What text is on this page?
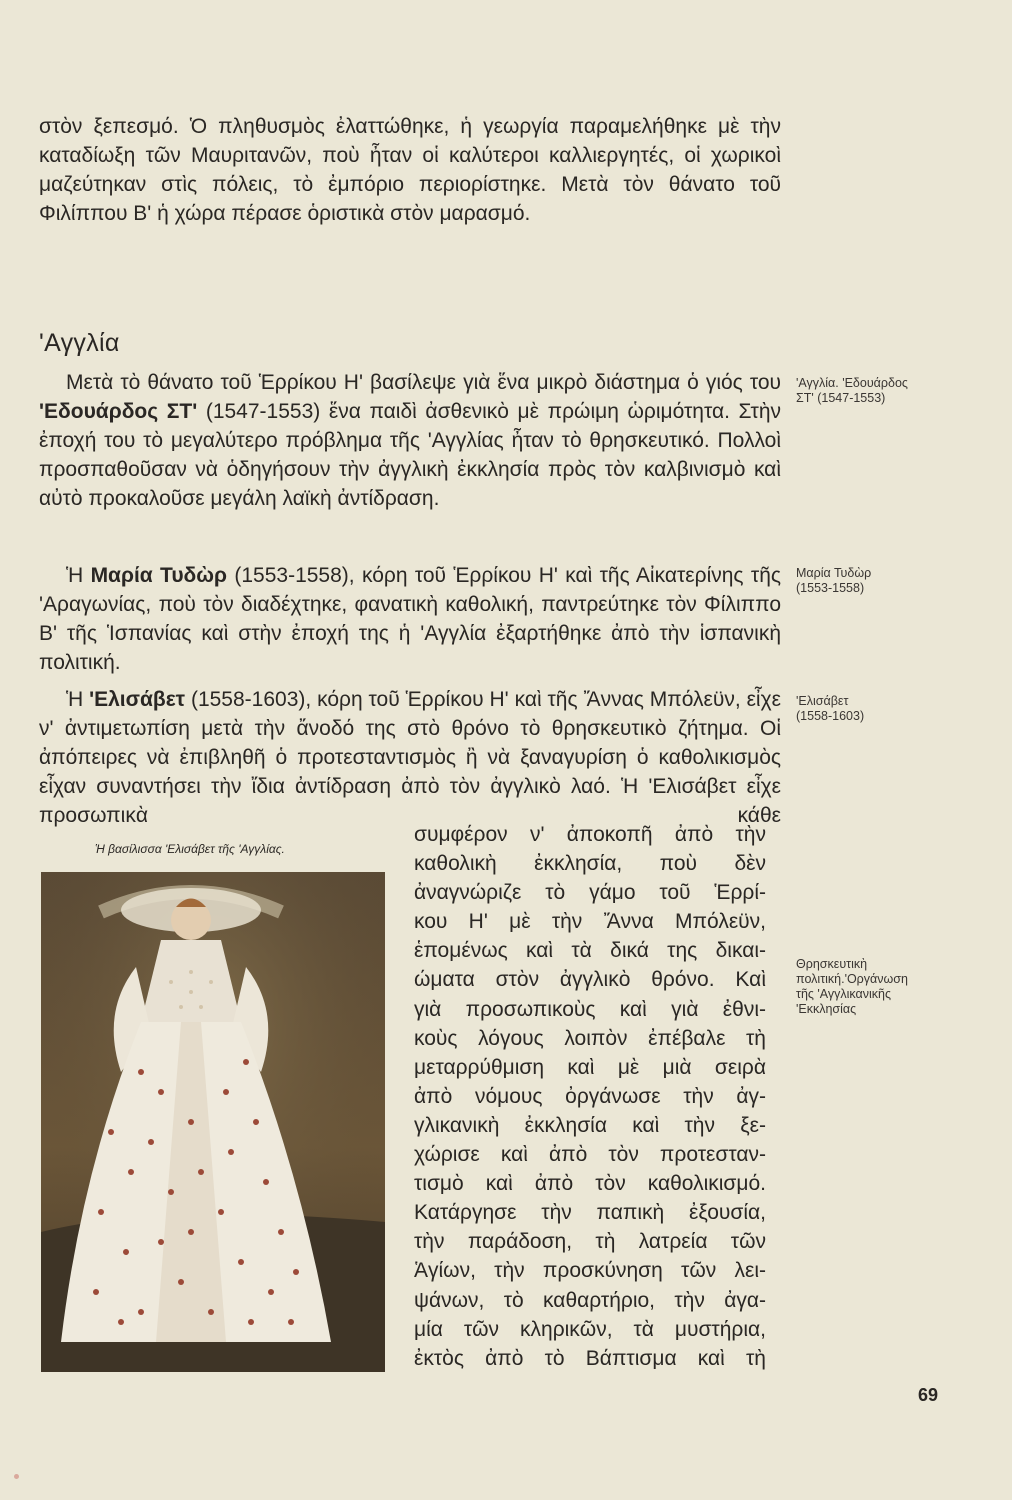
στὸν ξεπεσμό. Ὁ πληθυσμὸς ἐλαττώθηκε, ἡ γεωργία παραμελήθηκε μὲ τὴν καταδίωξη τῶν Μαυριτανῶν, ποὺ ἦταν οἱ καλύτεροι καλλιεργητές, οἱ χωρικοὶ μαζεύτηκαν στὶς πόλεις, τὸ ἐμπόριο περιορίστηκε. Μετὰ τὸν θάνατο τοῦ Φιλίππου Β' ἡ χώρα πέρασε ὁριστικὰ στὸν μαρασμό.

'Αγγλία

Μετὰ τὸ θάνατο τοῦ Ἑρρίκου Η' βασίλεψε γιὰ ἕνα μικρὸ διάστημα ὁ γιός του 'Εδουάρδος ΣΤ' (1547-1553) ἕνα παιδὶ ἀσθενικὸ μὲ πρώιμη ὡριμότητα. Στὴν ἐποχή του τὸ μεγαλύτερο πρόβλημα τῆς 'Αγγλίας ἦταν τὸ θρησκευτικό. Πολλοὶ προσπαθοῦσαν νὰ ὁδηγήσουν τὴν ἀγγλικὴ ἐκκλησία πρὸς τὸν καλβινισμὸ καὶ αὐτὸ προκαλοῦσε μεγάλη λαϊκὴ ἀντίδραση.

Ἡ Μαρία Τυδὼρ (1553-1558), κόρη τοῦ Ἑρρίκου Η' καὶ τῆς Αἰκατερίνης τῆς 'Αραγωνίας, ποὺ τὸν διαδέχτηκε, φανατικὴ καθολική, παντρεύτηκε τὸν Φίλιππο Β' τῆς Ἱσπανίας καὶ στὴν ἐποχή της ἡ 'Αγγλία ἐξαρτήθηκε ἀπὸ τὴν ἱσπανικὴ πολιτική.

Ἡ 'Ελισάβετ (1558-1603), κόρη τοῦ Ἑρρίκου Η' καὶ τῆς Ἄννας Μπόλεϋν, εἶχε ν' ἀντιμετωπίση μετὰ τὴν ἄνοδό της στὸ θρόνο τὸ θρησκευτικὸ ζήτημα. Οἱ ἀπόπειρες νὰ ἐπιβληθῆ ὁ προτεσταντισμὸς ἢ νὰ ξαναγυρίση ὁ καθολικισμὸς εἶχαν συναντήσει τὴν ἴδια ἀντίδραση ἀπὸ τὸν ἀγγλικὸ λαό. Ἡ 'Ελισάβετ εἶχε προσωπικὰ κάθε

Ἡ βασίλισσα 'Ελισάβετ τῆς 'Αγγλίας.

συμφέρον ν' ἀποκοπῆ ἀπὸ τὴν

καθολικὴ ἐκκλησία, ποὺ δὲν

ἀναγνώριζε τὸ γάμο τοῦ Ἑρρί-

κου Η' μὲ τὴν Ἄννα Μπόλεϋν,

ἑπομένως καὶ τὰ δικά της δικαι-

ώματα στὸν ἀγγλικὸ θρόνο. Καὶ

γιὰ προσωπικοὺς καὶ γιὰ ἐθνι-

κοὺς λόγους λοιπὸν ἐπέβαλε τὴ

μεταρρύθμιση καὶ μὲ μιὰ σειρὰ

ἀπὸ νόμους ὀργάνωσε τὴν ἀγ-

γλικανικὴ ἐκκλησία καὶ τὴν ξε-

χώρισε καὶ ἀπὸ τὸν προτεσταν-

τισμὸ καὶ ἀπὸ τὸν καθολικισμό.

Κατάργησε τὴν παπικὴ ἐξουσία,

τὴν παράδοση, τὴ λατρεία τῶν

Ἁγίων, τὴν προσκύνηση τῶν λει-

ψάνων, τὸ καθαρτήριο, τὴν ἀγα-

μία τῶν κληρικῶν, τὰ μυστήρια,

ἐκτὸς ἀπὸ τὸ Βάπτισμα καὶ τὴ

'Αγγλία. 'Εδουάρδος
ΣΤ' (1547-1553)
Μαρία Τυδὼρ
(1553-1558)
'Ελισάβετ
(1558-1603)
Θρησκευτικὴ
πολιτική.'Οργάνωση
τῆς 'Αγγλικανικῆς
'Εκκλησίας
69
